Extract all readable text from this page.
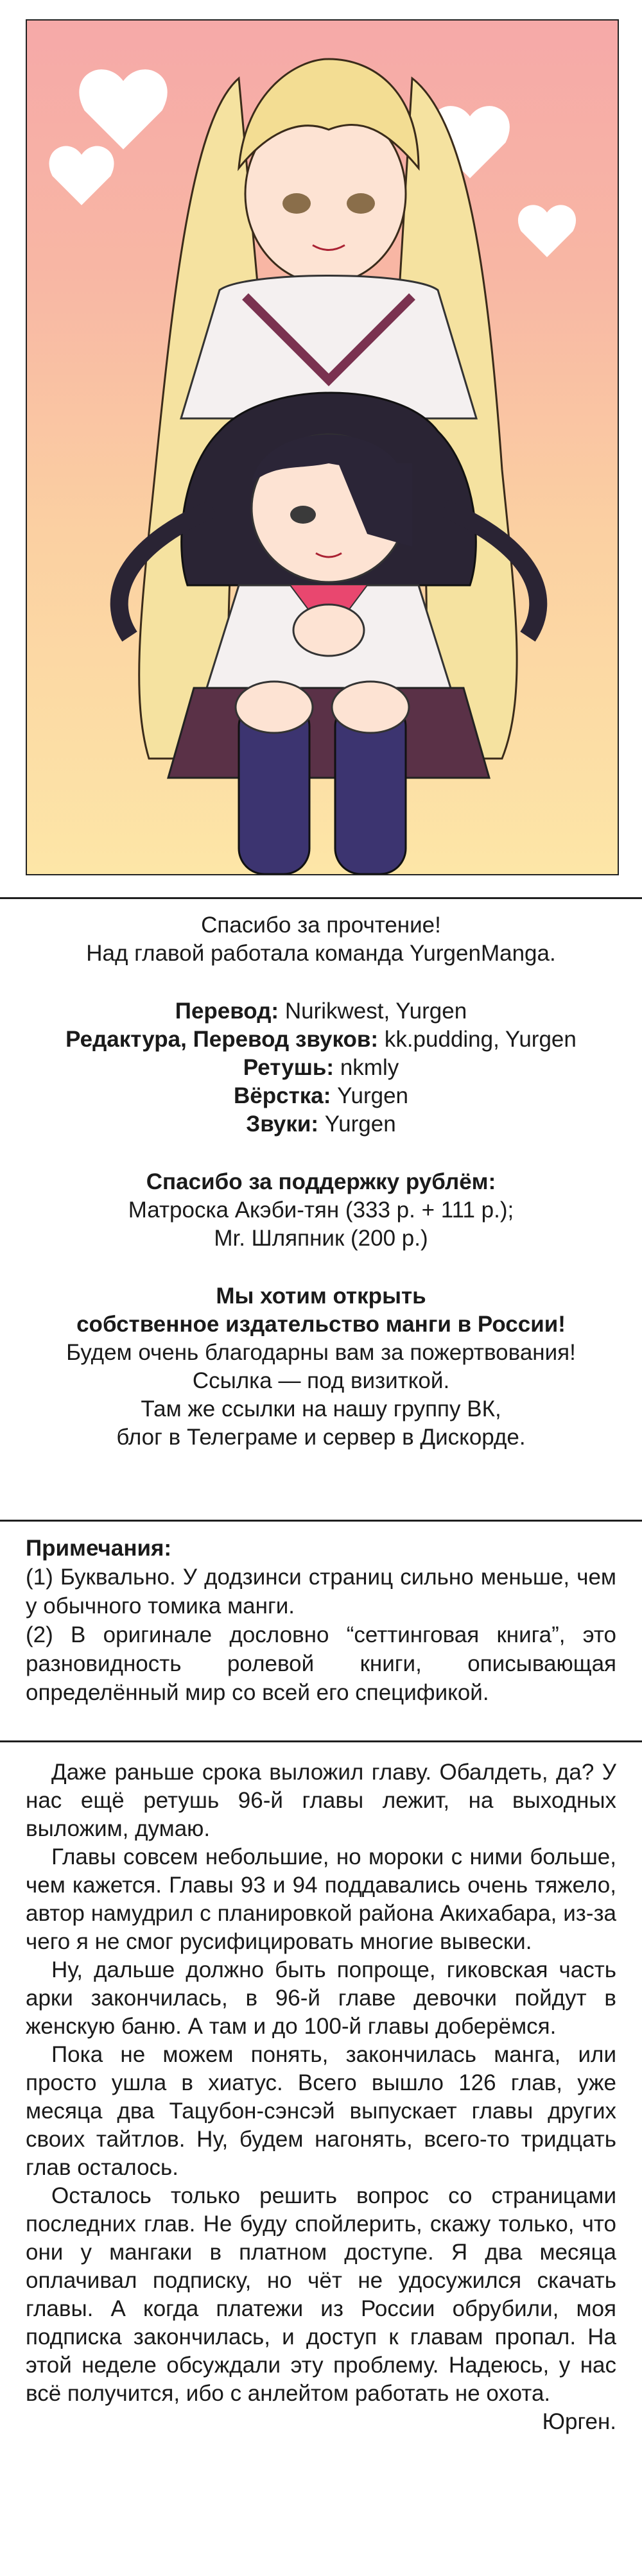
Спасибо за прочтение!

Над главой работала команда YurgenManga.

Перевод: Nurikwest, Yurgen

Редактура, Перевод звуков: kk.pudding, Yurgen

Ретушь: nkmly

Вёрстка: Yurgen

Звуки: Yurgen

Спасибо за поддержку рублём:

Матроска Акэби-тян (333 р. + 111 р.);

Mr. Шляпник (200 р.)

Мы хотим открыть

собственное издательство манги в России!

Будем очень благодарны вам за пожертвования!

Ссылка — под визиткой.

Там же ссылки на нашу группу ВК,

блог в Телеграме и сервер в Дискорде.

Примечания:

(1) Буквально. У додзинси страниц сильно меньше, чем у обычного томика манги.

(2) В оригинале дословно “сеттинговая книга”, это разновидность ролевой книги, описывающая определённый мир со всей его спецификой.

Даже раньше срока выложил главу. Обалдеть, да? У нас ещё ретушь 96-й главы лежит, на выходных выложим, думаю.

Главы совсем небольшие, но мороки с ними больше, чем кажется. Главы 93 и 94 поддавались очень тяжело, автор намудрил с планировкой района Акихабара, из-за чего я не смог русифицировать многие вывески.

Ну, дальше должно быть попроще, гиковская часть арки закончилась, в 96-й главе девочки пойдут в женскую баню. А там и до 100-й главы доберёмся.

Пока не можем понять, закончилась манга, или просто ушла в хиатус. Всего вышло 126 глав, уже месяца два Тацубон-сэнсэй выпускает главы других своих тайтлов. Ну, будем нагонять, всего-то тридцать глав осталось.

Осталось только решить вопрос со страницами последних глав. Не буду спойлерить, скажу только, что они у мангаки в платном доступе. Я два месяца оплачивал подписку, но чёт не удосужился скачать главы. А когда платежи из России обрубили, моя подписка закончилась, и доступ к главам пропал. На этой неделе обсуждали эту проблему. Надеюсь, у нас всё получится, ибо с анлейтом работать не охота.

Юрген.
